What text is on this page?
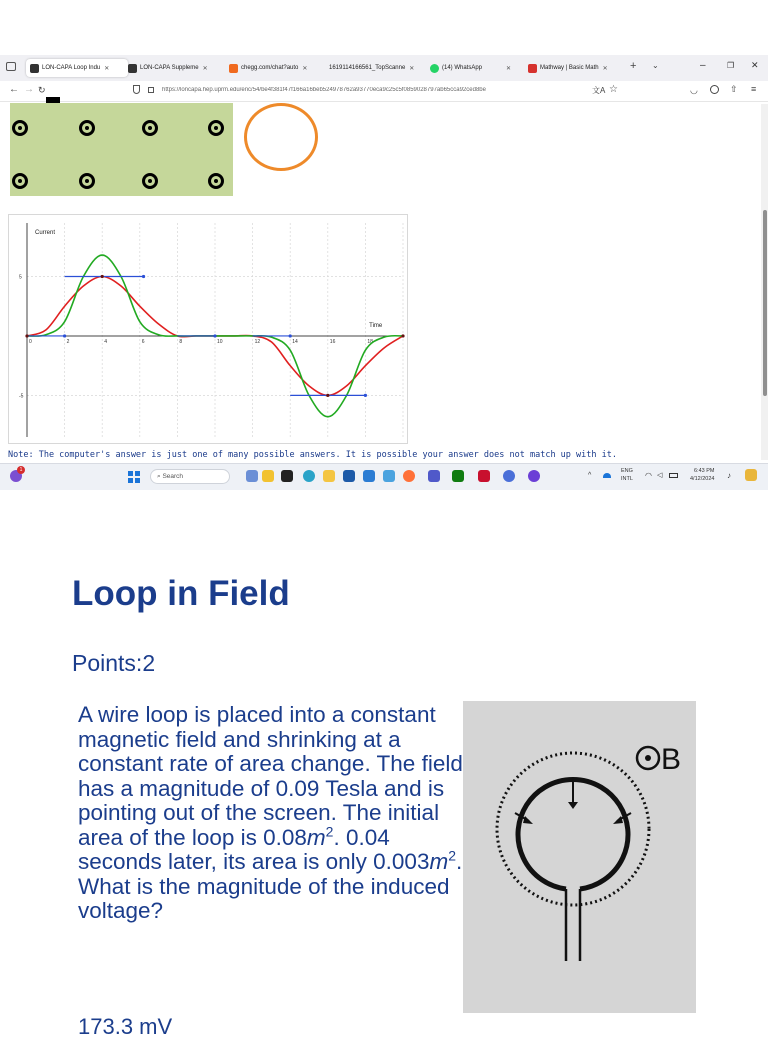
LON-CAPA Loop Indu ✕	LON-CAPA Suppleme ✕	chegg.com/chat?auto ✕	1619114166561_TopScanne ✕	(14) WhatsApp	✕	Mathway | Basic Math ✕ + ⌄	–	❐ ✕
← → ↻	https://loncapa.hep.uprm.edu/enc/54/be4f381f47f166a16beb524978762a93770eca9c25c5f0859028797ab65cca92ced8be	文A ☆	◡	⇧ ≡
Current
Time
0	2	4	6	8	10	12	14	16	18
5
-5
Note: The computer's answer is just one of many possible answers. It is possible your answer does not match up with it.
1
⌕ Search	^
ENG
INTL ◠ ◁
6:43 PM
4/12/2024 ♪
Loop in Field
Points:2
A wire loop is placed into a constant magnetic field and shrinking at a constant rate of area change. The field has a magnitude of 0.09 Tesla and is pointing out of the screen. The initial area of the loop is $0.08m^2$. 0.04 seconds later, its area is only $0.003m^2$. What is the magnitude of the induced voltage?
173.3 mV
B
